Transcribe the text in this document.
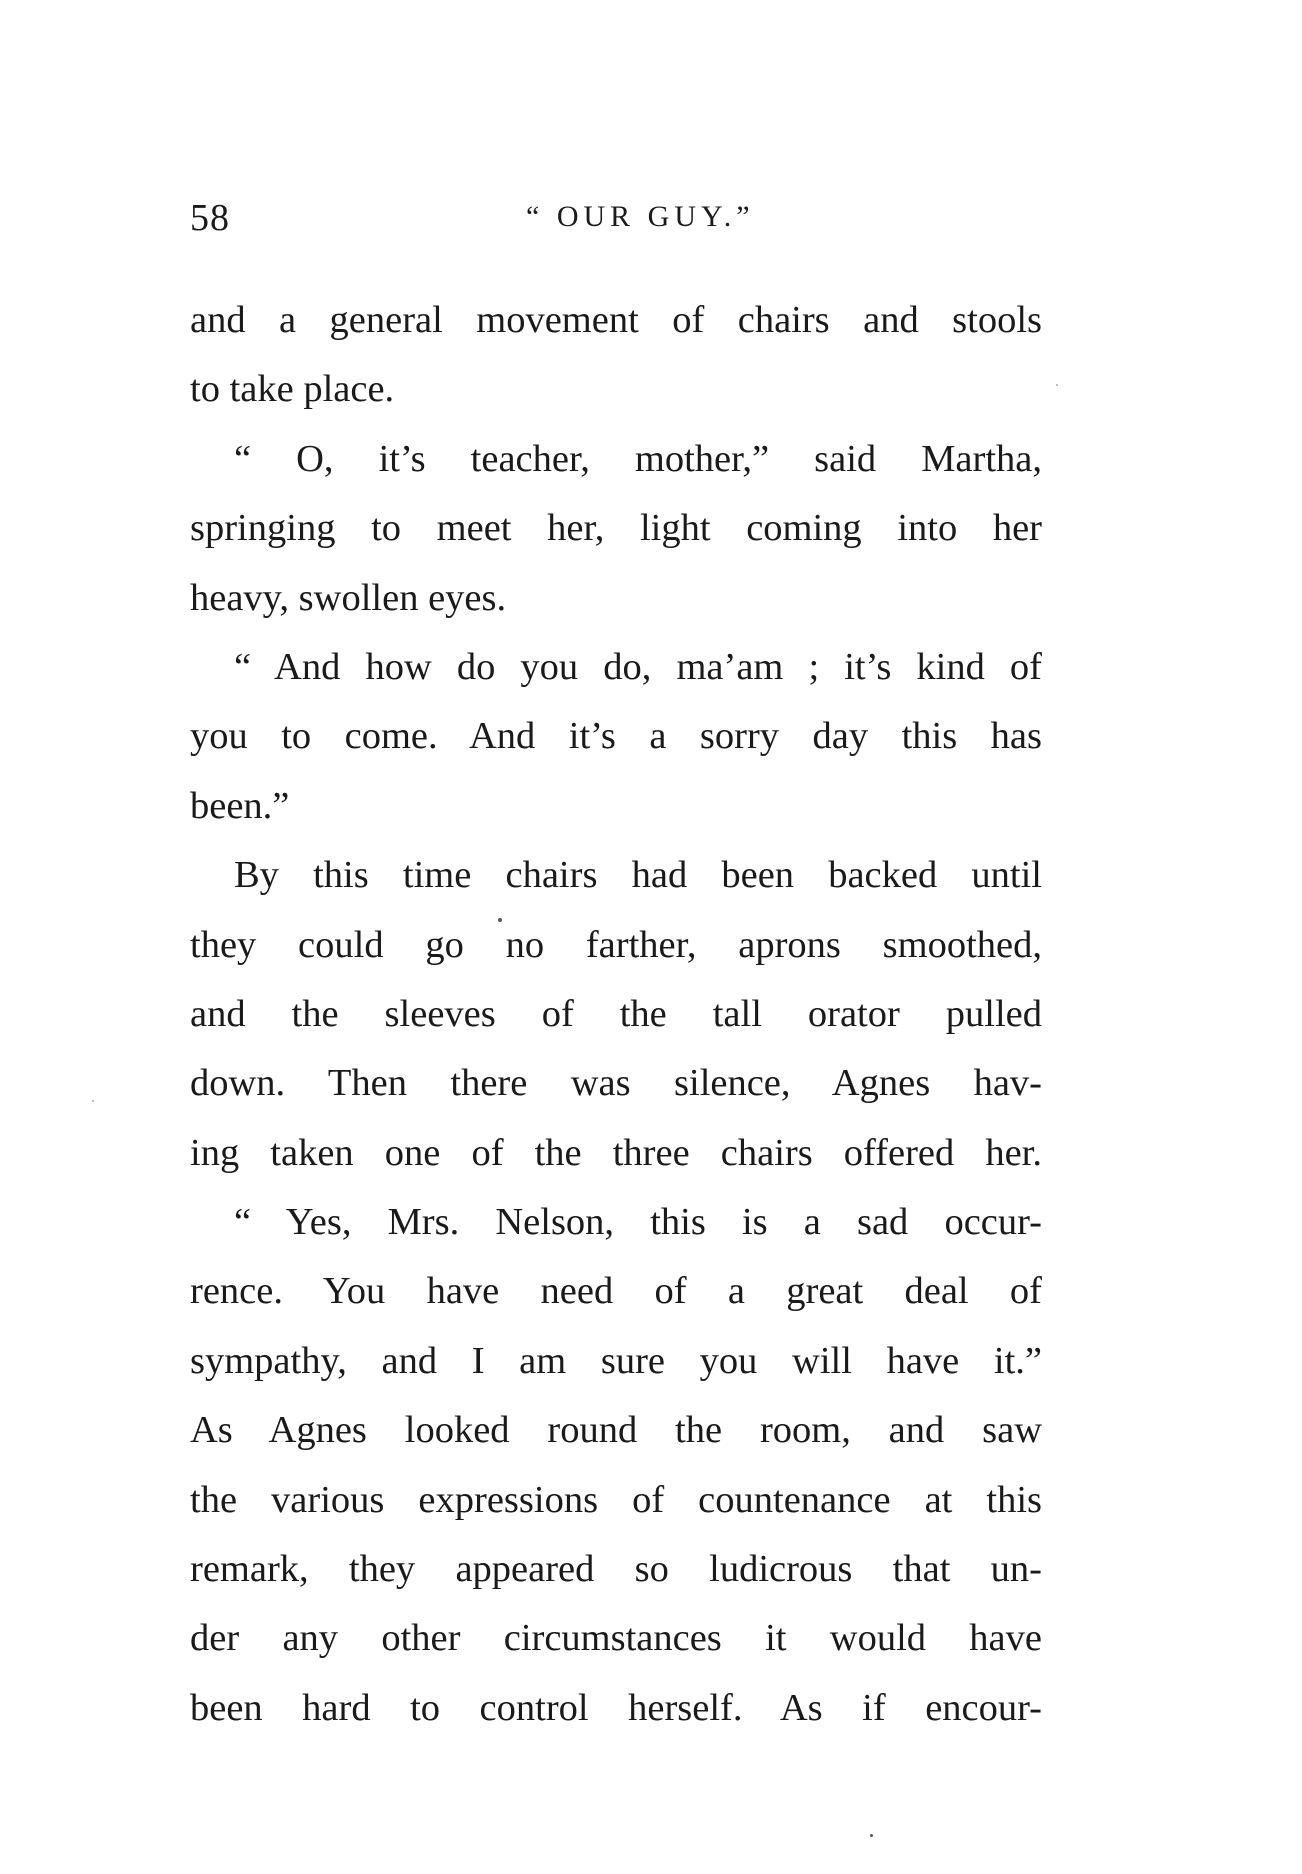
58	“ OUR GUY.”
and a general movement of chairs and stools
to take place.
“ O, it’s teacher, mother,” said Martha,
springing to meet her, light coming into her
heavy, swollen eyes.
“ And how do you do, ma’am ; it’s kind of
you to come. And it’s a sorry day this has
been.”
By this time chairs had been backed until
they could go no farther, aprons smoothed,
and the sleeves of the tall orator pulled
down. Then there was silence, Agnes hav-
ing taken one of the three chairs offered her.
“ Yes, Mrs. Nelson, this is a sad occur-
rence. You have need of a great deal of
sympathy, and I am sure you will have it.”
As Agnes looked round the room, and saw
the various expressions of countenance at this
remark, they appeared so ludicrous that un-
der any other circumstances it would have
been hard to control herself. As if encour-
